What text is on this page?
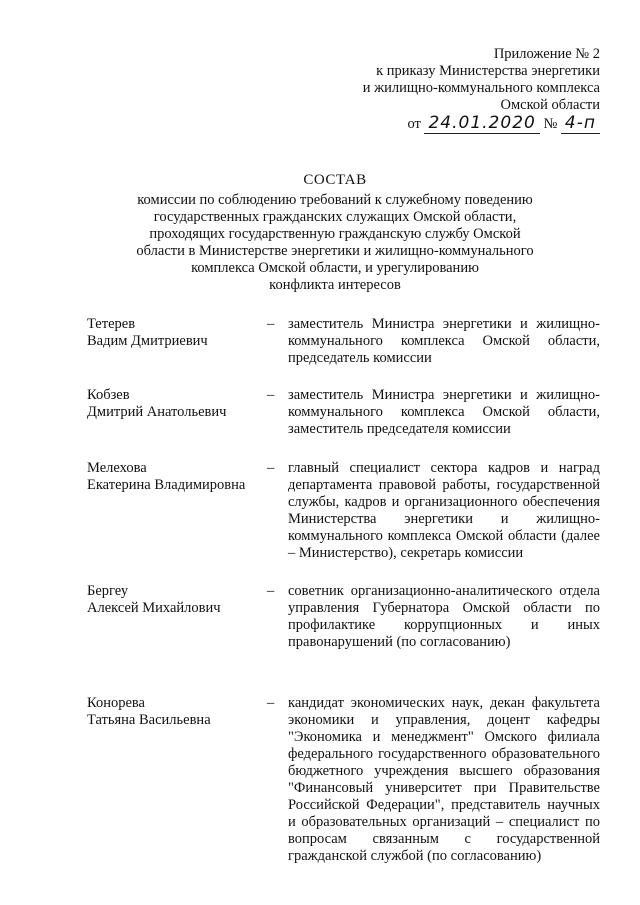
Приложение № 2
к приказу Министерства энергетики
и жилищно-коммунального комплекса
Омской области
от 24.01.2020 № 4-п
СОСТАВ
комиссии по соблюдению требований к служебному поведению
государственных гражданских служащих Омской области,
проходящих государственную гражданскую службу Омской
области в Министерстве энергетики и жилищно-коммунального
комплекса Омской области, и урегулированию
конфликта интересов
Тетерев
Вадим Дмитриевич
– заместитель Министра энергетики и жилищно-коммунального комплекса Омской области, председатель комиссии
Кобзев
Дмитрий Анатольевич
– заместитель Министра энергетики и жилищно-коммунального комплекса Омской области, заместитель председателя комиссии
Мелехова
Екатерина Владимировна
– главный специалист сектора кадров и наград департамента правовой работы, государственной службы, кадров и организационного обеспечения Министерства энергетики и жилищно-коммунального комплекса Омской области (далее – Министерство), секретарь комиссии
Бергеу
Алексей Михайлович
– советник организационно-аналитического отдела управления Губернатора Омской области по профилактике коррупционных и иных правонарушений (по согласованию)
Конорева
Татьяна Васильевна
– кандидат экономических наук, декан факультета экономики и управления, доцент кафедры "Экономика и менеджмент" Омского филиала федерального государственного образовательного бюджетного учреждения высшего образования "Финансовый университет при Правительстве Российской Федерации", представитель научных и образовательных организаций – специалист по вопросам связанным с государственной гражданской службой (по согласованию)
